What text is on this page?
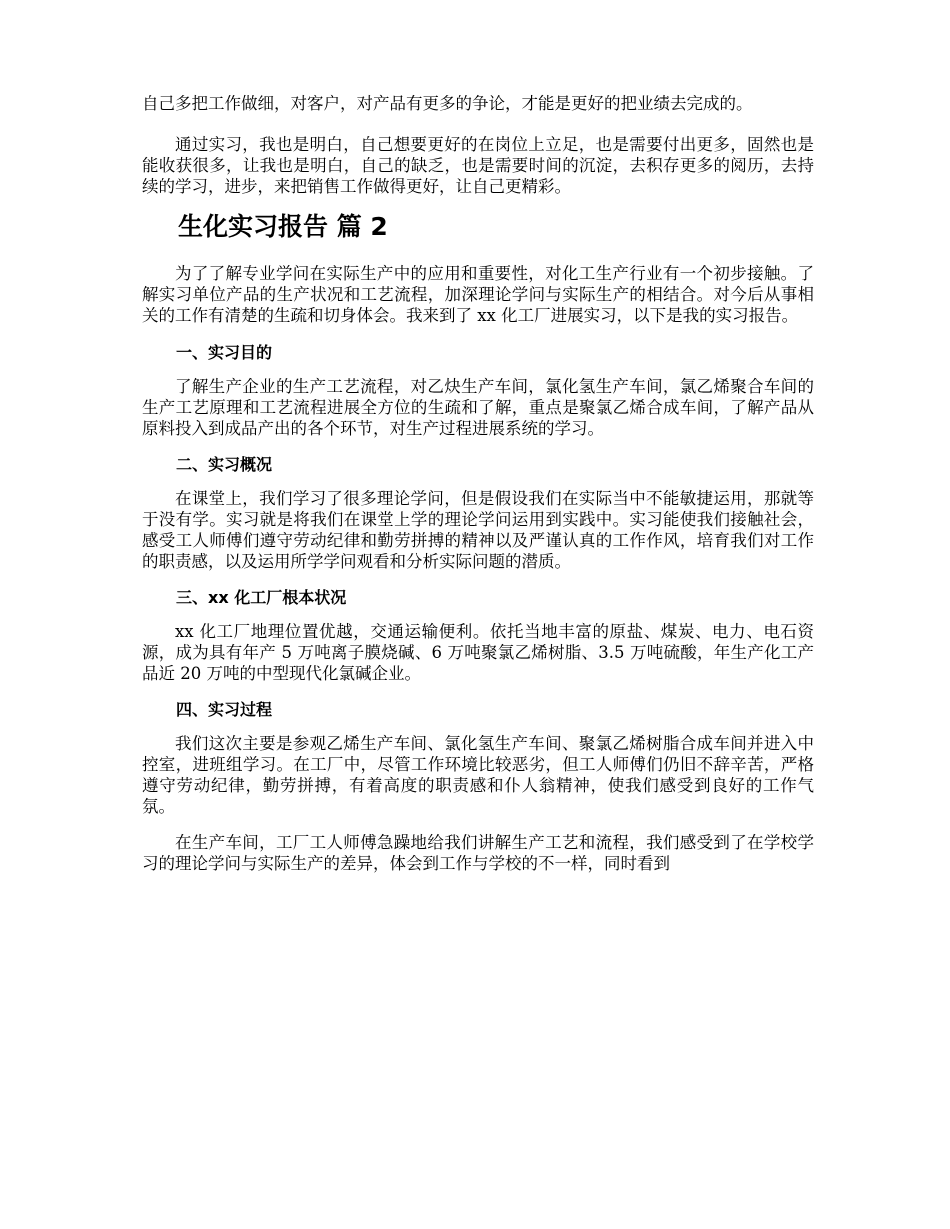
自己多把工作做细，对客户，对产品有更多的争论，才能是更好的把业绩去完成的。

通过实习，我也是明白，自己想要更好的在岗位上立足，也是需要付出更多，固然也是能收获很多，让我也是明白，自己的缺乏，也是需要时间的沉淀，去积存更多的阅历，去持续的学习，进步，来把销售工作做得更好，让自己更精彩。

生化实习报告 篇 2

为了了解专业学问在实际生产中的应用和重要性，对化工生产行业有一个初步接触。了解实习单位产品的生产状况和工艺流程，加深理论学问与实际生产的相结合。对今后从事相关的工作有清楚的生疏和切身体会。我来到了 xx 化工厂进展实习，以下是我的实习报告。

一、实习目的

了解生产企业的生产工艺流程，对乙炔生产车间，氯化氢生产车间，氯乙烯聚合车间的生产工艺原理和工艺流程进展全方位的生疏和了解，重点是聚氯乙烯合成车间，了解产品从原料投入到成品产出的各个环节，对生产过程进展系统的学习。

二、实习概况

在课堂上，我们学习了很多理论学问，但是假设我们在实际当中不能敏捷运用，那就等于没有学。实习就是将我们在课堂上学的理论学问运用到实践中。实习能使我们接触社会，感受工人师傅们遵守劳动纪律和勤劳拼搏的精神以及严谨认真的工作作风，培育我们对工作的职责感，以及运用所学学问观看和分析实际问题的潜质。

三、xx 化工厂根本状况

xx 化工厂地理位置优越，交通运输便利。依托当地丰富的原盐、煤炭、电力、电石资源，成为具有年产 5 万吨离子膜烧碱、6 万吨聚氯乙烯树脂、3.5 万吨硫酸，年生产化工产品近 20 万吨的中型现代化氯碱企业。

四、实习过程

我们这次主要是参观乙烯生产车间、氯化氢生产车间、聚氯乙烯树脂合成车间并进入中控室，进班组学习。在工厂中，尽管工作环境比较恶劣，但工人师傅们仍旧不辞辛苦，严格遵守劳动纪律，勤劳拼搏，有着高度的职责感和仆人翁精神，使我们感受到良好的工作气氛。

在生产车间，工厂工人师傅急躁地给我们讲解生产工艺和流程，我们感受到了在学校学习的理论学问与实际生产的差异，体会到工作与学校的不一样，同时看到
